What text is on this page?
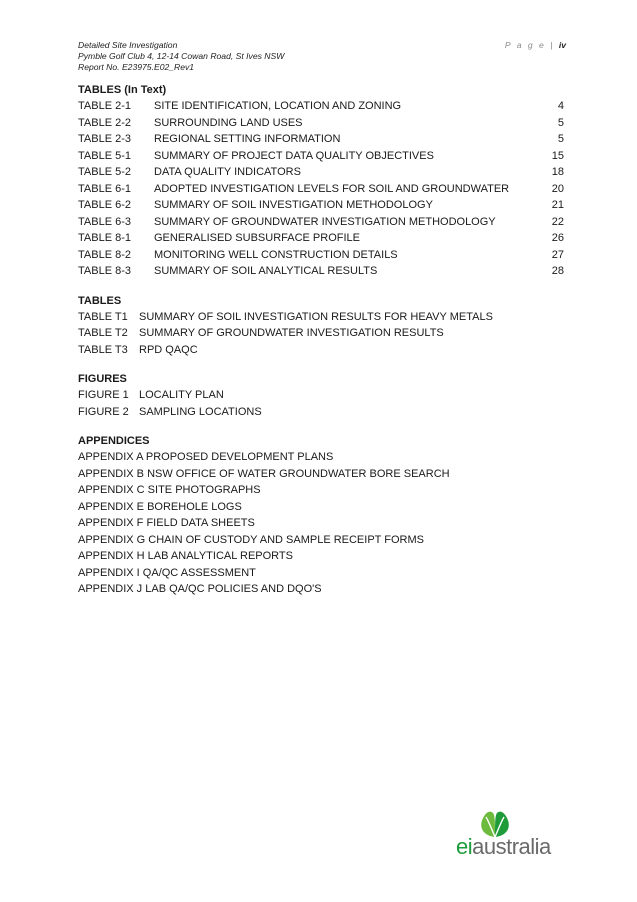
Detailed Site Investigation
Pymble Golf Club 4, 12-14 Cowan Road, St Ives NSW
Report No. E23975.E02_Rev1
P a g e | iv
TABLES (In Text)
TABLE 2-1	SITE IDENTIFICATION, LOCATION AND ZONING	4
TABLE 2-2	SURROUNDING LAND USES	5
TABLE 2-3	REGIONAL SETTING INFORMATION	5
TABLE 5-1	SUMMARY OF PROJECT DATA QUALITY OBJECTIVES	15
TABLE 5-2	DATA QUALITY INDICATORS	18
TABLE 6-1	ADOPTED INVESTIGATION LEVELS FOR SOIL AND GROUNDWATER	20
TABLE 6-2	SUMMARY OF SOIL INVESTIGATION METHODOLOGY	21
TABLE 6-3	SUMMARY OF GROUNDWATER INVESTIGATION METHODOLOGY	22
TABLE 8-1	GENERALISED SUBSURFACE PROFILE	26
TABLE 8-2	MONITORING WELL CONSTRUCTION DETAILS	27
TABLE 8-3	SUMMARY OF SOIL ANALYTICAL RESULTS	28
TABLES
TABLE T1	SUMMARY OF SOIL INVESTIGATION RESULTS FOR HEAVY METALS
TABLE T2	SUMMARY OF GROUNDWATER INVESTIGATION RESULTS
TABLE T3	RPD QAQC
FIGURES
FIGURE 1 LOCALITY PLAN
FIGURE 2 SAMPLING LOCATIONS
APPENDICES
APPENDIX A PROPOSED DEVELOPMENT PLANS
APPENDIX B NSW OFFICE OF WATER GROUNDWATER BORE SEARCH
APPENDIX C SITE PHOTOGRAPHS
APPENDIX E BOREHOLE LOGS
APPENDIX F FIELD DATA SHEETS
APPENDIX G CHAIN OF CUSTODY AND SAMPLE RECEIPT FORMS
APPENDIX H LAB ANALYTICAL REPORTS
APPENDIX I QA/QC ASSESSMENT
APPENDIX J LAB QA/QC POLICIES AND DQO'S
eiaustralia
